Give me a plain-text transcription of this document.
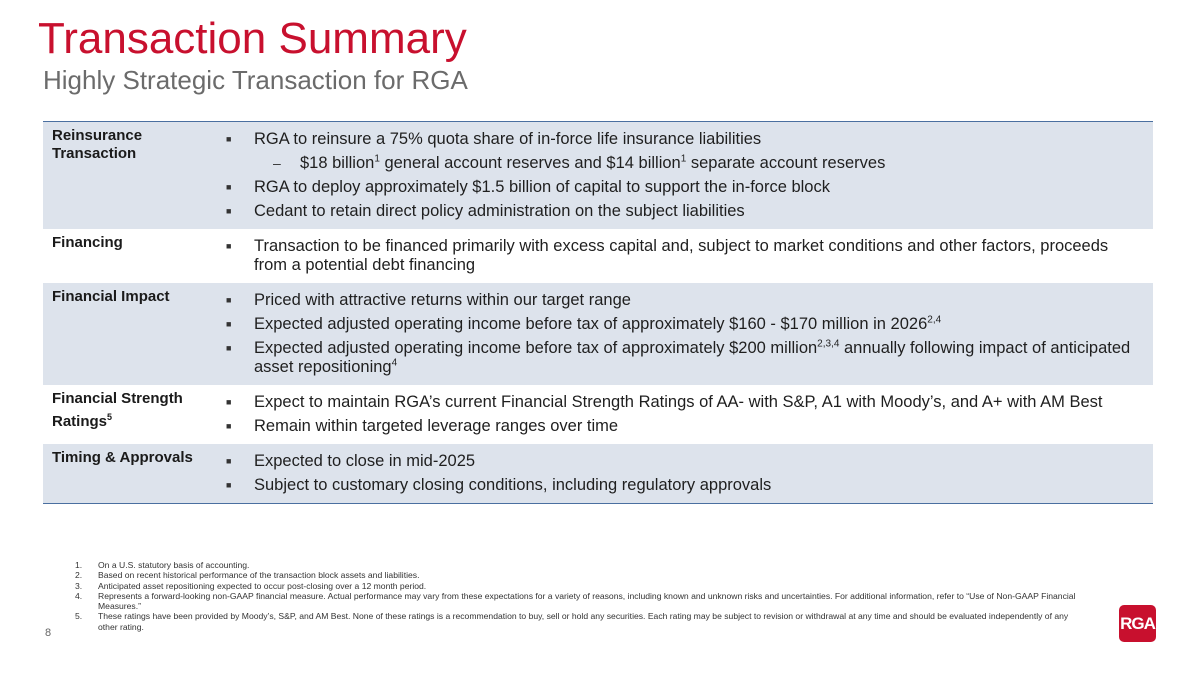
Transaction Summary
Highly Strategic Transaction for RGA
Reinsurance Transaction
■	RGA to reinsure a 75% quota share of in-force life insurance liabilities
–	$18 billion$^1$ general account reserves and $14 billion$^1$ separate account reserves
■	RGA to deploy approximately $1.5 billion of capital to support the in-force block
■	Cedant to retain direct policy administration on the subject liabilities
Financing	■	Transaction to be financed primarily with excess capital and, subject to market conditions and other factors, proceeds from a potential debt financing
Financial Impact	■	Priced with attractive returns within our target range
■	Expected adjusted operating income before tax of approximately $160 - $170 million in 2026$^{2,4}$
■	Expected adjusted operating income before tax of approximately $200 million$^{2,3,4}$ annually following impact of anticipated asset repositioning$^4$
Financial Strength Ratings$^5$
■	Expect to maintain RGA’s current Financial Strength Ratings of AA- with S&P, A1 with Moody’s, and A+ with AM Best
■	Remain within targeted leverage ranges over time
Timing & Approvals	■	Expected to close in mid-2025
■	Subject to customary closing conditions, including regulatory approvals
1.	On a U.S. statutory basis of accounting.
2.	Based on recent historical performance of the transaction block assets and liabilities.
3.	Anticipated asset repositioning expected to occur post-closing over a 12 month period.
4.	Represents a forward-looking non-GAAP financial measure. Actual performance may vary from these expectations for a variety of reasons, including known and unknown risks and uncertainties. For additional information, refer to “Use of Non-GAAP Financial Measures.”
5.	These ratings have been provided by Moody’s, S&P, and AM Best. None of these ratings is a recommendation to buy, sell or hold any securities. Each rating may be subject to revision or withdrawal at any time and should be evaluated independently of any other rating.
8
RGA
